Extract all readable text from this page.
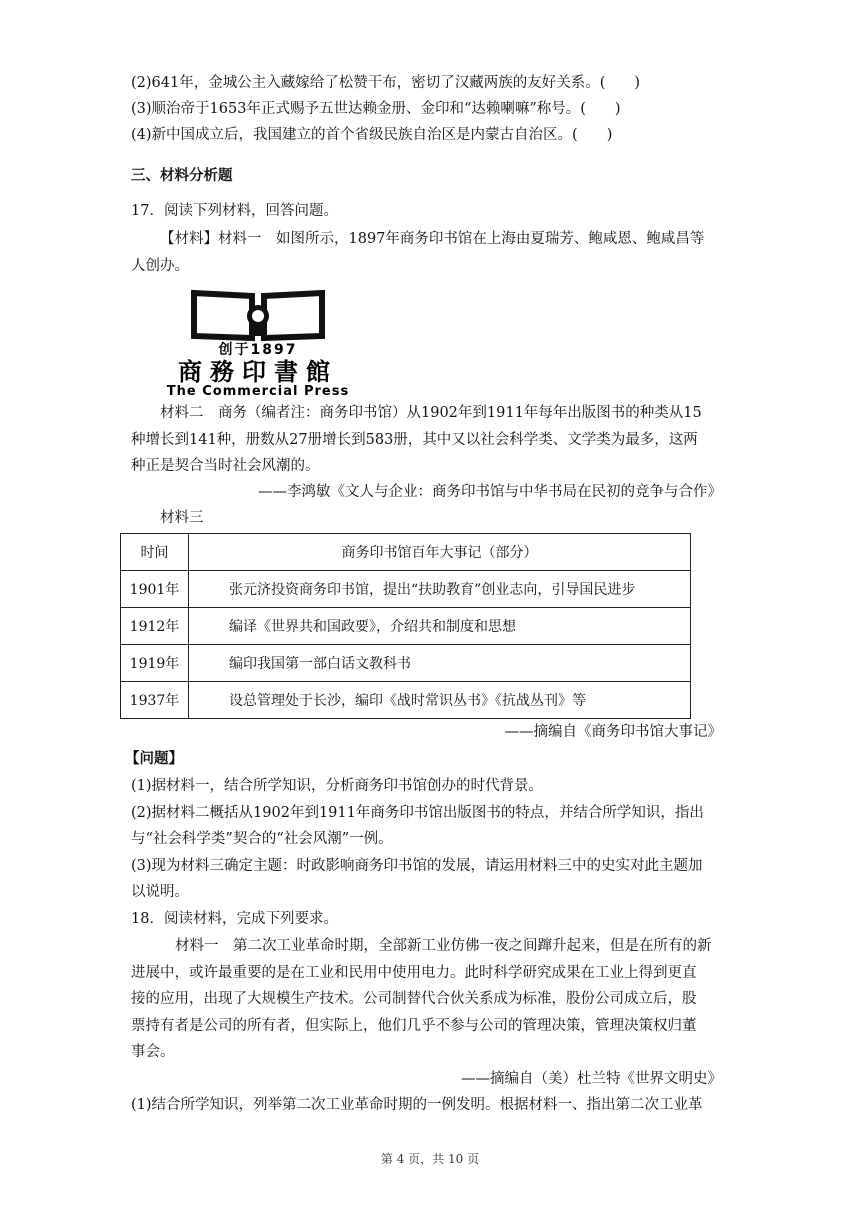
(2)641年，金城公主入藏嫁给了松赞干布，密切了汉藏两族的友好关系。(　　)
(3)顺治帝于1653年正式赐予五世达赖金册、金印和“达赖喇嘛”称号。(　　)
(4)新中国成立后，我国建立的首个省级民族自治区是内蒙古自治区。(　　)
三、材料分析题
17．阅读下列材料，回答问题。
【材料】材料一　如图所示，1897年商务印书馆在上海由夏瑞芳、鲍咸恩、鲍咸昌等
人创办。
创于1897
商務印書館
The Commercial Press
材料二　商务（编者注：商务印书馆）从1902年到1911年每年出版图书的种类从15
种增长到141种，册数从27册增长到583册，其中又以社会科学类、文学类为最多，这两
种正是契合当时社会风潮的。
——李鸿敏《文人与企业：商务印书馆与中华书局在民初的竞争与合作》
材料三
时间	商务印书馆百年大事记（部分）
1901年	张元济投资商务印书馆，提出“扶助教育”创业志向，引导国民进步
1912年	编译《世界共和国政要》，介绍共和制度和思想
1919年	编印我国第一部白话文教科书
1937年	设总管理处于长沙，编印《战时常识丛书》《抗战丛刊》等
——摘编自《商务印书馆大事记》
【问题】
(1)据材料一，结合所学知识，分析商务印书馆创办的时代背景。
(2)据材料二概括从1902年到1911年商务印书馆出版图书的特点，并结合所学知识，指出
与“社会科学类”契合的“社会风潮”一例。
(3)现为材料三确定主题：时政影响商务印书馆的发展，请运用材料三中的史实对此主题加
以说明。
18．阅读材料，完成下列要求。
材料一　第二次工业革命时期，全部新工业仿佛一夜之间蹿升起来，但是在所有的新
进展中，或许最重要的是在工业和民用中使用电力。此时科学研究成果在工业上得到更直
接的应用，出现了大规模生产技术。公司制替代合伙关系成为标准，股份公司成立后，股
票持有者是公司的所有者，但实际上，他们几乎不参与公司的管理决策，管理决策权归董
事会。
——摘编自（美）杜兰特《世界文明史》
(1)结合所学知识，列举第二次工业革命时期的一例发明。根据材料一、指出第二次工业革
第 4 页，共 10 页
